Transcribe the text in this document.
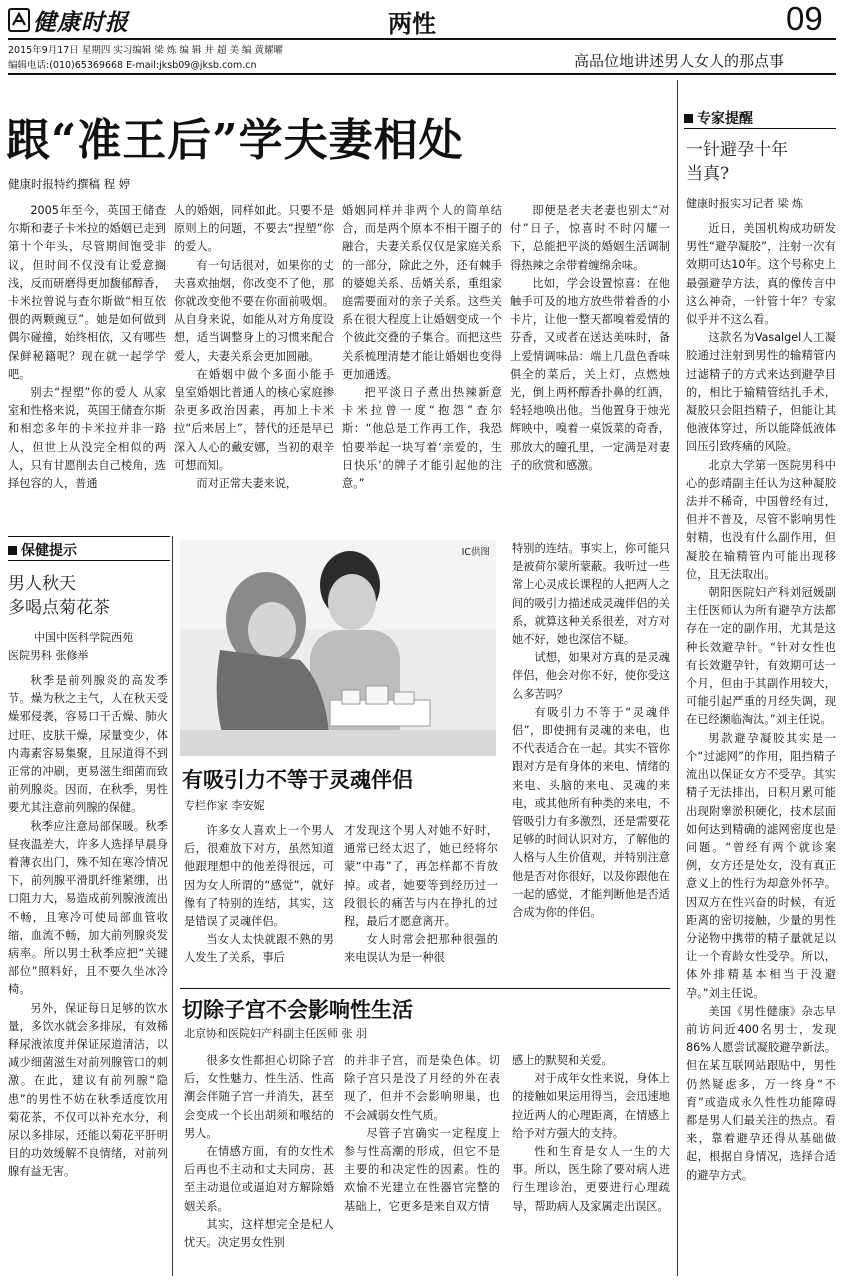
健康时报	两性	09
2015年9月17日 星期四 实习编辑 梁 炼 编 辑 井 超 美 编 黄耀曜
编辑电话:(010)65369668 E-mail:jksb09@jksb.com.cn	高品位地讲述男人女人的那点事
跟“准王后”学夫妻相处
健康时报特约撰稿 程 婷

2005年至今，英国王储查尔斯和妻子卡米拉的婚姻已走到第十个年头，尽管期间饱受非议，但时间不仅没有让爱意搁浅，反而研磨得更加馥郁醇香，卡米拉曾说与查尔斯做“相互依偎的两颗豌豆”。她是如何做到偶尔碰撞，始终相依，又有哪些保鲜秘籍呢？现在就一起学学吧。

别去“捏塑”你的爱人 从家室和性格来说，英国王储查尔斯和相恋多年的卡米拉并非一路人，但世上从没完全相似的两人，只有甘愿削去自己棱角，选择包容的人，普通

人的婚姻，同样如此。只要不是原则上的问题，不要去“捏塑”你的爱人。

有一句话很对，如果你的丈夫喜欢抽烟，你改变不了他，那你就改变他不要在你面前吸烟。从自身来说，如能从对方角度设想，适当调整身上的习惯来配合爱人，夫妻关系会更加圆融。

在婚姻中做个多面小能手 皇室婚姻比普通人的核心家庭掺杂更多政治因素，再加上卡米拉“后来居上”，替代的还是早已深入人心的戴安娜，当初的艰辛可想而知。

而对正常夫妻来说，

婚姻同样并非两个人的简单结合，而是两个原本不相干圈子的融合，夫妻关系仅仅是家庭关系的一部分，除此之外，还有棘手的婆媳关系、岳婿关系，重组家庭需要面对的亲子关系。这些关系在很大程度上让婚姻变成一个个彼此交叠的子集合。而把这些关系梳理清楚才能让婚姻也变得更加通透。

把平淡日子煮出热辣新意 卡米拉曾一度“抱怨”查尔斯：“他总是工作再工作，我恐怕要举起一块写着‘亲爱的，生日快乐’的牌子才能引起他的注意。”

即便是老夫老妻也别太“对付”日子，惊喜时不时闪耀一下，总能把平淡的婚姻生活调制得热辣之余带着缠绵余味。

比如，学会设置惊喜：在他触手可及的地方放些带着香的小卡片，让他一整天都嗅着爱情的芬香，又或者在送达美味时，备上爱情调味品：端上几盘色香味俱全的菜后，关上灯，点燃烛光，倒上两杯醇香扑鼻的红酒，轻轻地唤出他。当他置身于烛光辉映中，嗅着一桌饭菜的奇香，那放大的瞳孔里，一定满是对妻子的欣赏和感激。

专家提醒
一针避孕十年
当真?
健康时报实习记者 梁 炼

近日，美国机构成功研发男性“避孕凝胶”，注射一次有效期可达10年。这个号称史上最强避孕方法，真的像传言中这么神奇，一针管十年？专家似乎并不这么看。

这款名为Vasalgel人工凝胶通过注射到男性的输精管内过滤精子的方式来达到避孕目的，相比于输精管结扎手术，凝胶只会阻挡精子，但能让其他液体穿过，所以能降低液体回压引致疼痛的风险。

北京大学第一医院男科中心的彭靖副主任认为这种凝胶法并不稀奇，中国曾经有过，但并不普及，尽管不影响男性射精，也没有什么副作用，但凝胶在输精管内可能出现移位，且无法取出。

朝阳医院妇产科刘冠媛副主任医师认为所有避孕方法都存在一定的副作用，尤其是这种长效避孕针。“针对女性也有长效避孕针，有效期可达一个月，但由于其副作用较大，可能引起严重的月经失调，现在已经濒临淘汰。”刘主任说。

男款避孕凝胶其实是一个“过滤网”的作用，阻挡精子流出以保证女方不受孕。其实精子无法排出，日积月累可能出现附睾淤积硬化，技术层面如何达到精确的滤网密度也是问题。“曾经有两个就诊案例，女方还是处女，没有真正意义上的性行为却意外怀孕。因双方在性兴奋的时候，有近距离的密切接触，少量的男性分泌物中携带的精子量就足以让一个育龄女性受孕。所以，体外排精基本相当于没避孕。”刘主任说。

美国《男性健康》杂志早前访问近400名男士，发现86%人愿尝试凝胶避孕新法。但在某互联网站跟贴中，男性仍然疑虑多，万一终身“不育”或造成永久性性功能障碍都是男人们最关注的热点。看来，靠着避孕还得从基础做起，根据自身情况，选择合适的避孕方式。

保健提示
男人秋天
多喝点菊花茶
中国中医科学院西苑
医院男科 张修举

秋季是前列腺炎的高发季节。燥为秋之主气，人在秋天受燥邪侵袭，容易口干舌燥、肺火过旺、皮肤干燥，尿量变少，体内毒素容易集聚，且尿道得不到正常的冲刷，更易滋生细菌而致前列腺炎。因而，在秋季，男性要尤其注意前列腺的保健。

秋季应注意局部保暖。秋季昼夜温差大，许多人选择早晨身着薄衣出门，殊不知在寒冷情况下，前列腺平滑肌纤维紧绷，出口阻力大，易造成前列腺液流出不畅，且寒冷可使局部血管收缩，血流不畅，加大前列腺炎发病率。所以男士秋季应把“关键部位”照料好，且不要久坐冰冷椅。

另外，保证每日足够的饮水量，多饮水就会多排尿，有效稀释尿液浓度并保证尿道清洁，以减少细菌滋生对前列腺管口的刺激。在此，建议有前列腺“隐患”的男性不妨在秋季适度饮用菊花茶，不仅可以补充水分，利尿以多排尿，还能以菊花平肝明目的功效缓解不良情绪，对前列腺有益无害。

IC供图
有吸引力不等于灵魂伴侣
专栏作家 李安妮

许多女人喜欢上一个男人后，很难放下对方，虽然知道他跟理想中的他差得很远，可因为女人所谓的“感觉”，就好像有了特别的连结，其实，这是错误了灵魂伴侣。

当女人太快就跟不熟的男人发生了关系，事后

才发现这个男人对她不好时，通常已经太迟了，她已经将尔蒙“中毒”了，再怎样都不肯放掉。或者，她要等到经历过一段很长的痛苦与内在挣扎的过程，最后才愿意离开。

女人时常会把那种很强的来电误认为是一种很

特别的连结。事实上，你可能只是被荷尔蒙所蒙蔽。我听过一些常上心灵成长课程的人把两人之间的吸引力描述成灵魂伴侣的关系，就算这种关系很差，对方对她不好，她也深信不疑。

试想，如果对方真的是灵魂伴侣，他会对你不好，使你受这么多苦吗？

有吸引力不等于“灵魂伴侣”，即使拥有灵魂的来电，也不代表适合在一起。其实不管你跟对方是有身体的来电、情绪的来电、头脑的来电、灵魂的来电，或其他所有种类的来电，不管吸引力有多激烈，还是需要花足够的时间认识对方，了解他的人格与人生价值观，并特别注意他是否对你很好，以及你跟他在一起的感觉，才能判断他是否适合成为你的伴侣。

切除子宫不会影响性生活
北京协和医院妇产科副主任医师 张 羽

很多女性都担心切除子宫后，女性魅力、性生活、性高潮会伴随子宫一并消失，甚至会变成一个长出胡须和喉结的男人。

在情感方面，有的女性术后再也不主动和丈夫同房，甚至主动退位或逼迫对方解除婚姻关系。

其实，这样想完全是杞人忧天。决定男女性别

的并非子宫，而是染色体。切除子宫只是没了月经的外在表现了，但并不会影响卵巢，也不会减弱女性气质。

尽管子宫确实一定程度上参与性高潮的形成，但它不是主要的和决定性的因素。性的欢愉不光建立在性器官完整的基础上，它更多是来自双方情

感上的默契和关爱。

对于成年女性来说，身体上的接触如果运用得当，会迅速地拉近两人的心理距离，在情感上给予对方强大的支持。

性和生育是女人一生的大事。所以，医生除了要对病人进行生理诊治，更要进行心理疏导，帮助病人及家属走出误区。
